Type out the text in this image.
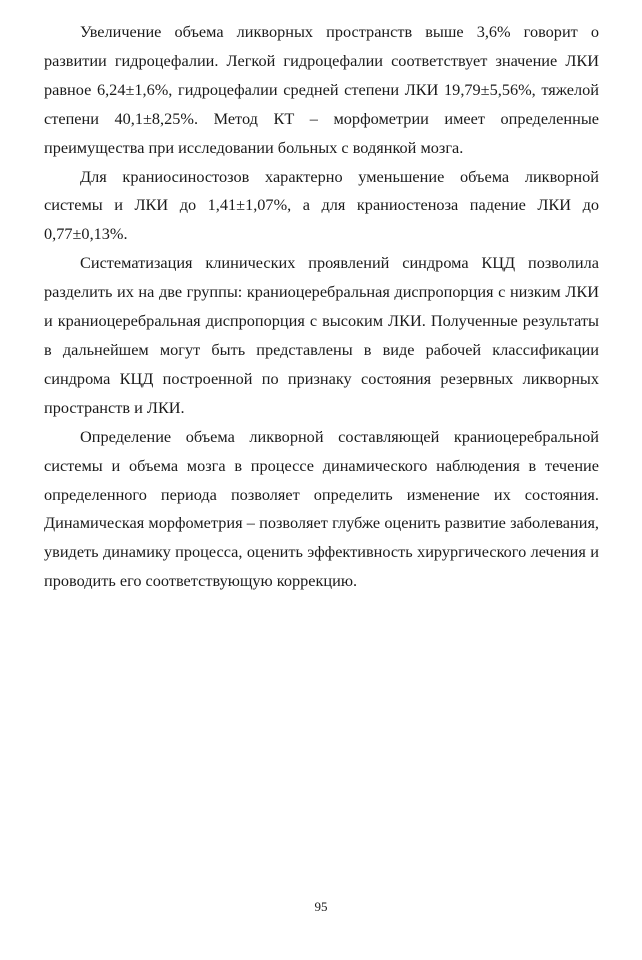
Увеличение объема ликворных пространств выше 3,6% говорит о развитии гидроцефалии. Легкой гидроцефалии соответствует значение ЛКИ равное 6,24±1,6%, гидроцефалии средней степени ЛКИ 19,79±5,56%, тяжелой степени 40,1±8,25%. Метод КТ – морфометрии имеет определенные преимущества при исследовании больных с водянкой мозга.

Для краниосиностозов характерно уменьшение объема ликворной системы и ЛКИ до 1,41±1,07%, а для краниостеноза падение ЛКИ до 0,77±0,13%.

Систематизация клинических проявлений синдрома КЦД позволила разделить их на две группы: краниоцеребральная диспропорция с низким ЛКИ и краниоцеребральная диспропорция с высоким ЛКИ. Полученные результаты в дальнейшем могут быть представлены в виде рабочей классификации синдрома КЦД построенной по признаку состояния резервных ликворных пространств и ЛКИ.

Определение объема ликворной составляющей краниоцеребральной системы и объема мозга в процессе динамического наблюдения в течение определенного периода позволяет определить изменение их состояния. Динамическая морфометрия – позволяет глубже оценить развитие заболевания, увидеть динамику процесса, оценить эффективность хирургического лечения и проводить его соответствующую коррекцию.

95
